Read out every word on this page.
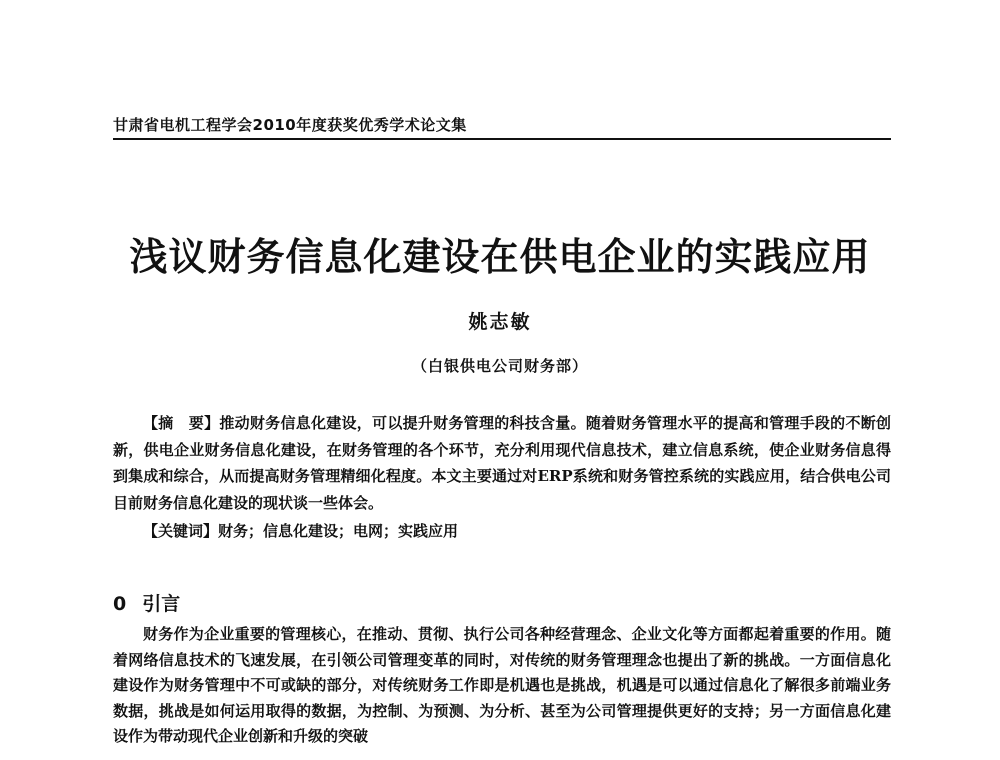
甘肃省电机工程学会2010年度获奖优秀学术论文集
浅议财务信息化建设在供电企业的实践应用
姚志敏
（白银供电公司财务部）
【摘　要】推动财务信息化建设，可以提升财务管理的科技含量。随着财务管理水平的提高和管理手段的不断创新，供电企业财务信息化建设，在财务管理的各个环节，充分利用现代信息技术，建立信息系统，使企业财务信息得到集成和综合，从而提高财务管理精细化程度。本文主要通过对ERP系统和财务管控系统的实践应用，结合供电公司目前财务信息化建设的现状谈一些体会。
【关键词】财务；信息化建设；电网；实践应用
0 引言
财务作为企业重要的管理核心，在推动、贯彻、执行公司各种经营理念、企业文化等方面都起着重要的作用。随着网络信息技术的飞速发展，在引领公司管理变革的同时，对传统的财务管理理念也提出了新的挑战。一方面信息化建设作为财务管理中不可或缺的部分，对传统财务工作即是机遇也是挑战，机遇是可以通过信息化了解很多前端业务数据，挑战是如何运用取得的数据，为控制、为预测、为分析、甚至为公司管理提供更好的支持；另一方面信息化建设作为带动现代企业创新和升级的突破
